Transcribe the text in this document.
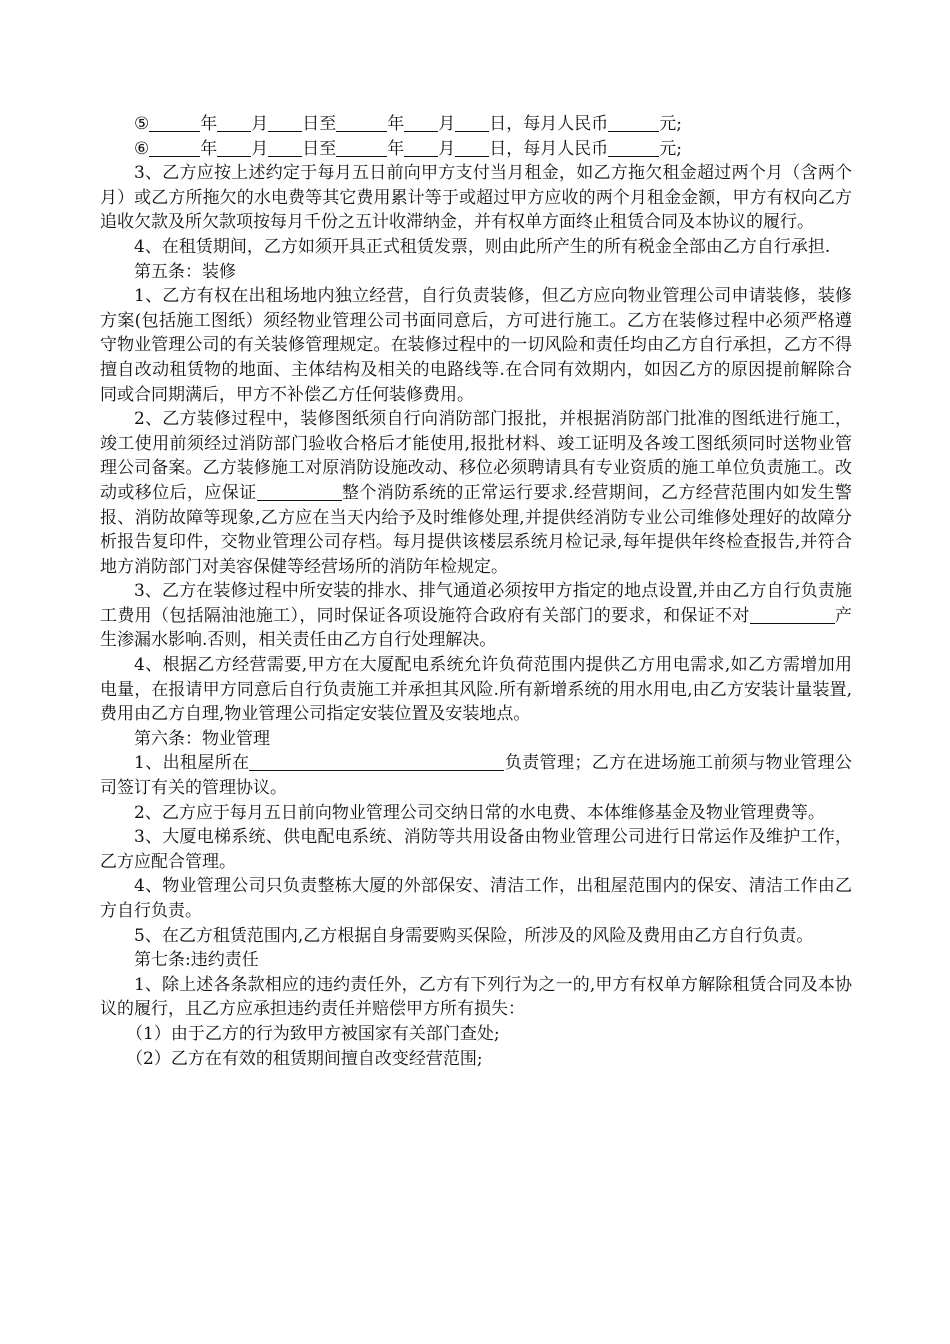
⑤	年 月 日至	年 月 日，每月人民币	元;

⑥	年 月 日至	年 月 日，每月人民币	元;

3、乙方应按上述约定于每月五日前向甲方支付当月租金，如乙方拖欠租金超过两个月（含两个月）或乙方所拖欠的水电费等其它费用累计等于或超过甲方应收的两个月租金金额，甲方有权向乙方追收欠款及所欠款项按每月千份之五计收滞纳金，并有权单方面终止租赁合同及本协议的履行。

4、在租赁期间，乙方如须开具正式租赁发票，则由此所产生的所有税金全部由乙方自行承担.

第五条：装修

1、乙方有权在出租场地内独立经营，自行负责装修，但乙方应向物业管理公司申请装修，装修方案(包括施工图纸）须经物业管理公司书面同意后，方可进行施工。乙方在装修过程中必须严格遵守物业管理公司的有关装修管理规定。在装修过程中的一切风险和责任均由乙方自行承担，乙方不得擅自改动租赁物的地面、主体结构及相关的电路线等.在合同有效期内，如因乙方的原因提前解除合同或合同期满后，甲方不补偿乙方任何装修费用。

2、乙方装修过程中，装修图纸须自行向消防部门报批，并根据消防部门批准的图纸进行施工，竣工使用前须经过消防部门验收合格后才能使用,报批材料、竣工证明及各竣工图纸须同时送物业管理公司备案。乙方装修施工对原消防设施改动、移位必须聘请具有专业资质的施工单位负责施工。改动或移位后，应保证	整个消防系统的正常运行要求.经营期间，乙方经营范围内如发生警报、消防故障等现象,乙方应在当天内给予及时维修处理,并提供经消防专业公司维修处理好的故障分析报告复印件，交物业管理公司存档。每月提供该楼层系统月检记录,每年提供年终检查报告,并符合地方消防部门对美容保健等经营场所的消防年检规定。

3、乙方在装修过程中所安装的排水、排气通道必须按甲方指定的地点设置,并由乙方自行负责施工费用（包括隔油池施工），同时保证各项设施符合政府有关部门的要求，和保证不对	产生渗漏水影响.否则，相关责任由乙方自行处理解决。

4、根据乙方经营需要,甲方在大厦配电系统允许负荷范围内提供乙方用电需求,如乙方需增加用电量，在报请甲方同意后自行负责施工并承担其风险.所有新增系统的用水用电,由乙方安装计量装置,费用由乙方自理,物业管理公司指定安装位置及安装地点。

第六条：物业管理

1、出租屋所在	负责管理；乙方在进场施工前须与物业管理公司签订有关的管理协议。

2、乙方应于每月五日前向物业管理公司交纳日常的水电费、本体维修基金及物业管理费等。

3、大厦电梯系统、供电配电系统、消防等共用设备由物业管理公司进行日常运作及维护工作，乙方应配合管理。

4、物业管理公司只负责整栋大厦的外部保安、清洁工作，出租屋范围内的保安、清洁工作由乙方自行负责。

5、在乙方租赁范围内,乙方根据自身需要购买保险，所涉及的风险及费用由乙方自行负责。

第七条:违约责任

1、除上述各条款相应的违约责任外，乙方有下列行为之一的,甲方有权单方解除租赁合同及本协议的履行，且乙方应承担违约责任并赔偿甲方所有损失：

（1）由于乙方的行为致甲方被国家有关部门查处;

（2）乙方在有效的租赁期间擅自改变经营范围;
